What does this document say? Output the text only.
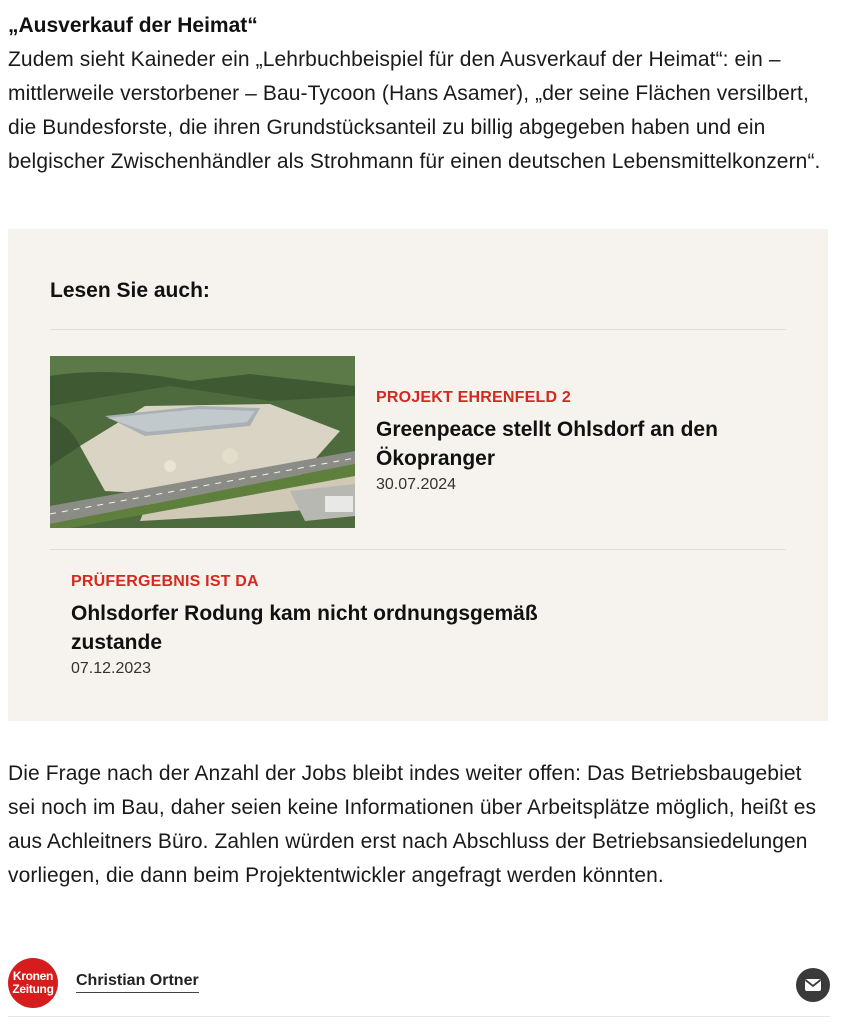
„Ausverkauf der Heimat“
Zudem sieht Kaineder ein „Lehrbuchbeispiel für den Ausverkauf der Heimat“: ein – mittlerweile verstorbener – Bau-Tycoon (Hans Asamer), „der seine Flächen versilbert, die Bundesforste, die ihren Grundstücksanteil zu billig abgegeben haben und ein belgischer Zwischenhändler als Strohmann für einen deutschen Lebensmittelkonzern“.
Lesen Sie auch:
PROJEKT EHRENFELD 2
Greenpeace stellt Ohlsdorf an den Ökopranger
30.07.2024
PRÜFERGEBNIS IST DA
Ohlsdorfer Rodung kam nicht ordnungsgemäß zustande
07.12.2023
Die Frage nach der Anzahl der Jobs bleibt indes weiter offen: Das Betriebsbaugebiet sei noch im Bau, daher seien keine Informationen über Arbeitsplätze möglich, heißt es aus Achleitners Büro. Zahlen würden erst nach Abschluss der Betriebsansiedelungen vorliegen, die dann beim Projektentwickler angefragt werden könnten.
Kronen
Zeitung Christian Ortner
